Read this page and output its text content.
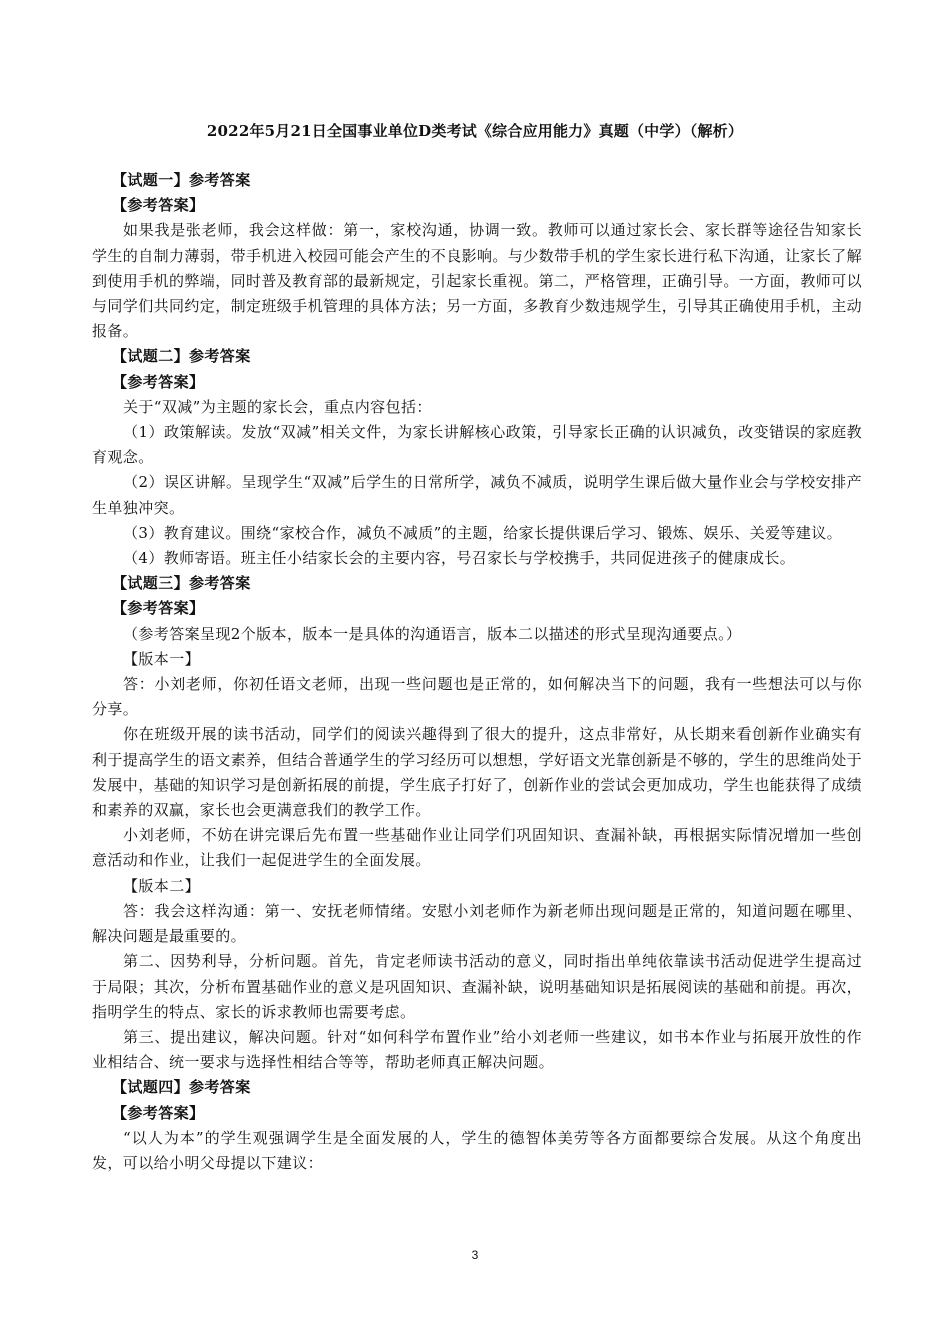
2022年5月21日全国事业单位D类考试《综合应用能力》真题（中学）（解析）

【试题一】参考答案

【参考答案】

如果我是张老师，我会这样做：第一，家校沟通，协调一致。教师可以通过家长会、家长群等途径告知家长学生的自制力薄弱，带手机进入校园可能会产生的不良影响。与少数带手机的学生家长进行私下沟通，让家长了解到使用手机的弊端，同时普及教育部的最新规定，引起家长重视。第二，严格管理，正确引导。一方面，教师可以与同学们共同约定，制定班级手机管理的具体方法；另一方面，多教育少数违规学生，引导其正确使用手机，主动报备。

【试题二】参考答案

【参考答案】

关于“双减”为主题的家长会，重点内容包括：

（1）政策解读。发放“双减”相关文件，为家长讲解核心政策，引导家长正确的认识减负，改变错误的家庭教育观念。

（2）误区讲解。呈现学生“双减”后学生的日常所学，减负不减质，说明学生课后做大量作业会与学校安排产生单独冲突。

（3）教育建议。围绕“家校合作，减负不减质”的主题，给家长提供课后学习、锻炼、娱乐、关爱等建议。

（4）教师寄语。班主任小结家长会的主要内容，号召家长与学校携手，共同促进孩子的健康成长。

【试题三】参考答案

【参考答案】

（参考答案呈现2个版本，版本一是具体的沟通语言，版本二以描述的形式呈现沟通要点。）

【版本一】

答：小刘老师，你初任语文老师，出现一些问题也是正常的，如何解决当下的问题，我有一些想法可以与你分享。

你在班级开展的读书活动，同学们的阅读兴趣得到了很大的提升，这点非常好，从长期来看创新作业确实有利于提高学生的语文素养，但结合普通学生的学习经历可以想想，学好语文光靠创新是不够的，学生的思维尚处于发展中，基础的知识学习是创新拓展的前提，学生底子打好了，创新作业的尝试会更加成功，学生也能获得了成绩和素养的双赢，家长也会更满意我们的教学工作。

小刘老师，不妨在讲完课后先布置一些基础作业让同学们巩固知识、查漏补缺，再根据实际情况增加一些创意活动和作业，让我们一起促进学生的全面发展。

【版本二】

答：我会这样沟通：第一、安抚老师情绪。安慰小刘老师作为新老师出现问题是正常的，知道问题在哪里、解决问题是最重要的。

第二、因势利导，分析问题。首先，肯定老师读书活动的意义，同时指出单纯依靠读书活动促进学生提高过于局限；其次，分析布置基础作业的意义是巩固知识、查漏补缺，说明基础知识是拓展阅读的基础和前提。再次，指明学生的特点、家长的诉求教师也需要考虑。

第三、提出建议，解决问题。针对“如何科学布置作业”给小刘老师一些建议，如书本作业与拓展开放性的作业相结合、统一要求与选择性相结合等等，帮助老师真正解决问题。

【试题四】参考答案

【参考答案】

“以人为本”的学生观强调学生是全面发展的人，学生的德智体美劳等各方面都要综合发展。从这个角度出发，可以给小明父母提以下建议：

3
